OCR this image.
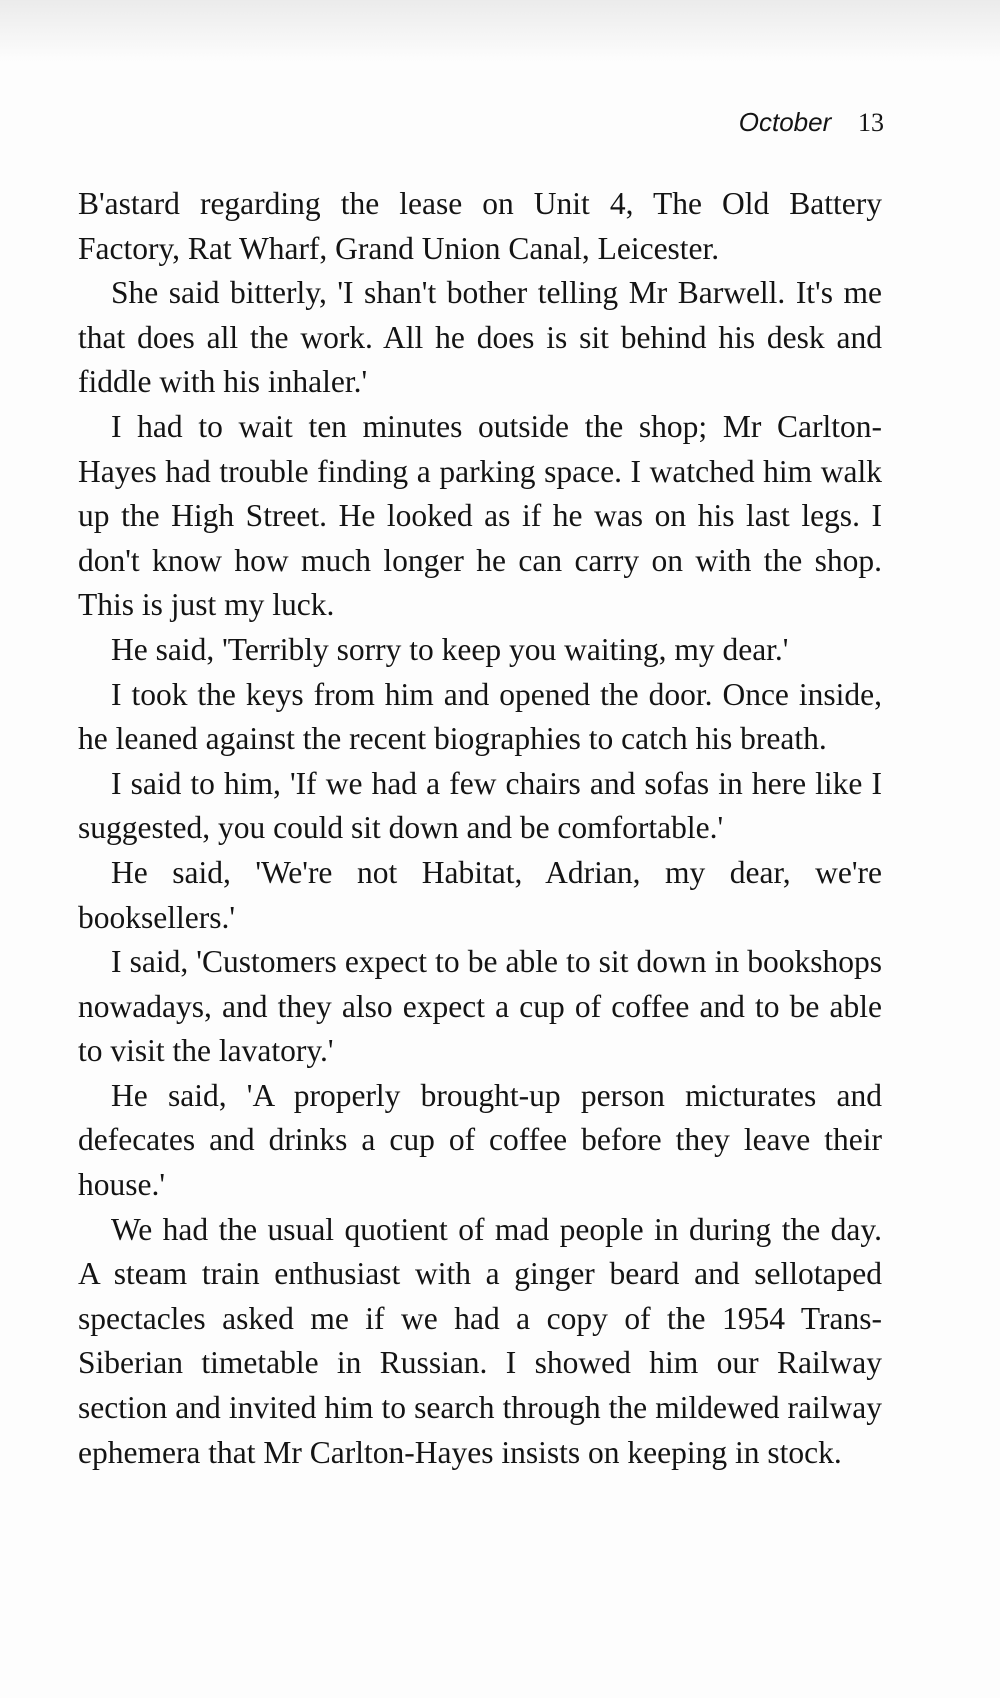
October 13

B'astard regarding the lease on Unit 4, The Old Battery Factory, Rat Wharf, Grand Union Canal, Leicester.

She said bitterly, 'I shan't bother telling Mr Barwell. It's me that does all the work. All he does is sit behind his desk and fiddle with his inhaler.'

I had to wait ten minutes outside the shop; Mr Carlton-Hayes had trouble finding a parking space. I watched him walk up the High Street. He looked as if he was on his last legs. I don't know how much longer he can carry on with the shop. This is just my luck.

He said, 'Terribly sorry to keep you waiting, my dear.'

I took the keys from him and opened the door. Once inside, he leaned against the recent biographies to catch his breath.

I said to him, 'If we had a few chairs and sofas in here like I suggested, you could sit down and be comfortable.'

He said, 'We're not Habitat, Adrian, my dear, we're booksellers.'

I said, 'Customers expect to be able to sit down in bookshops nowadays, and they also expect a cup of coffee and to be able to visit the lavatory.'

He said, 'A properly brought-up person micturates and defecates and drinks a cup of coffee before they leave their house.'

We had the usual quotient of mad people in during the day. A steam train enthusiast with a ginger beard and sellotaped spectacles asked me if we had a copy of the 1954 Trans-Siberian timetable in Russian. I showed him our Railway section and invited him to search through the mildewed railway ephemera that Mr Carlton-Hayes insists on keeping in stock.
